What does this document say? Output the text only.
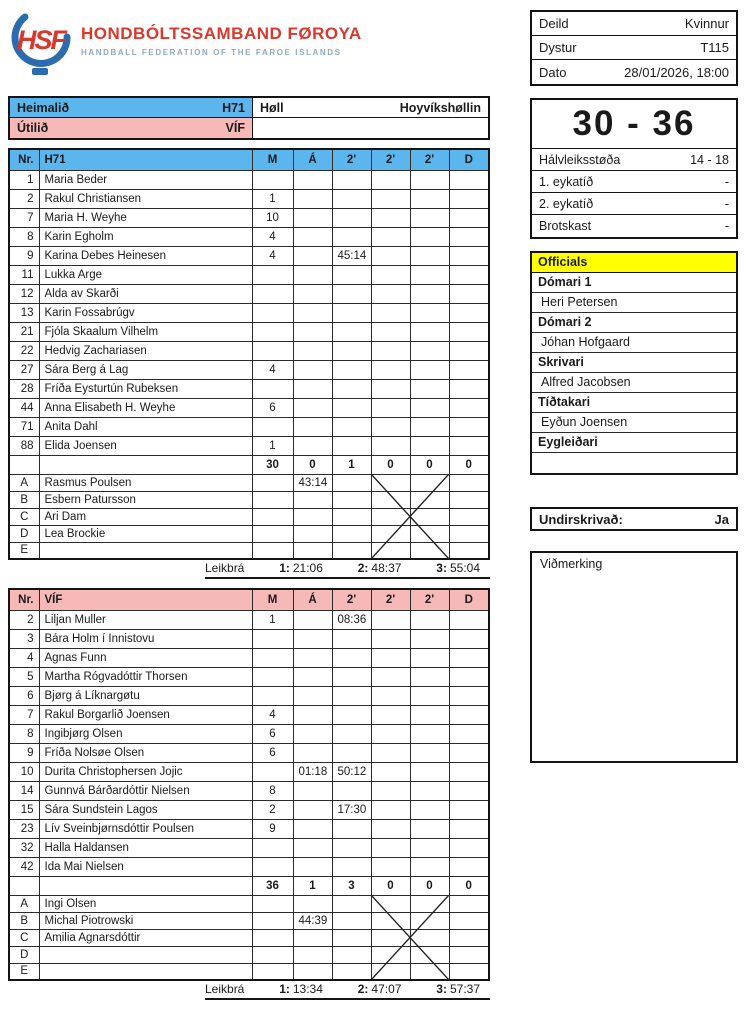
HSF HONDBÓLTSSAMBAND FØROYA
HANDBALL FEDERATION OF THE FAROE ISLANDS
Deild	Kvinnur
Dystur	T115
Dato	28/01/2026, 18:00
Heimalið	H71 Høll	Hoyvíkshøllin
Útilið	VÍF
Nr.	H71	M	Á	2'	2'	2'	D
1	Maria Beder						
2	Rakul Christiansen	1					
7	Maria H. Weyhe	10					
8	Karin Egholm	4					
9	Karina Debes Heinesen	4		45:14			
11	Lukka Arge						
12	Alda av Skarði						
13	Karin Fossabrúgv						
21	Fjóla Skaalum Vilhelm						
22	Hedvig Zachariasen						
27	Sára Berg á Lag	4					
28	Fríða Eysturtún Rubeksen						
44	Anna Elisabeth H. Weyhe	6					
71	Anita Dahl						
88	Elida Joensen	1					
		30	0	1	0	0	0
A	Rasmus Poulsen		43:14				
B	Esbern Patursson						
C	Ari Dam						
D	Lea Brockie						
E							
Leikbrá	1: 21:06	2: 48:37	3: 55:04
Nr.	VÍF	M	Á	2'	2'	2'	D
2	Liljan Muller	1		08:36			
3	Bára Holm í Innistovu						
4	Agnas Funn						
5	Martha Rógvadóttir Thorsen						
6	Bjørg á Líknargøtu						
7	Rakul Borgarlið Joensen	4					
8	Ingibjørg Olsen	6					
9	Fríða Nolsøe Olsen	6					
10	Durita Christophersen Jojic		01:18	50:12			
14	Gunnvá Bárðardóttir Nielsen	8					
15	Sára Sundstein Lagos	2		17:30			
23	Lív Sveinbjørnsdóttir Poulsen	9					
32	Halla Haldansen						
42	Ida Mai Nielsen						
		36	1	3	0	0	0
A	Ingi Olsen						
B	Michal Piotrowski		44:39				
C	Amilia Agnarsdóttir						
D							
E							
Leikbrá	1: 13:34	2: 47:07	3: 57:37
30 - 36
Hálvleiksstøða	14 - 18
1. eykatíð	-
2. eykatíð	-
Brotskast	-
Officials
Dómari 1
Heri Petersen
Dómari 2
Jóhan Hofgaard
Skrivari
Alfred Jacobsen
Tíðtakari
Eyðun Joensen
Eygleiðari
Undirskrivað:	Ja
Viðmerking
